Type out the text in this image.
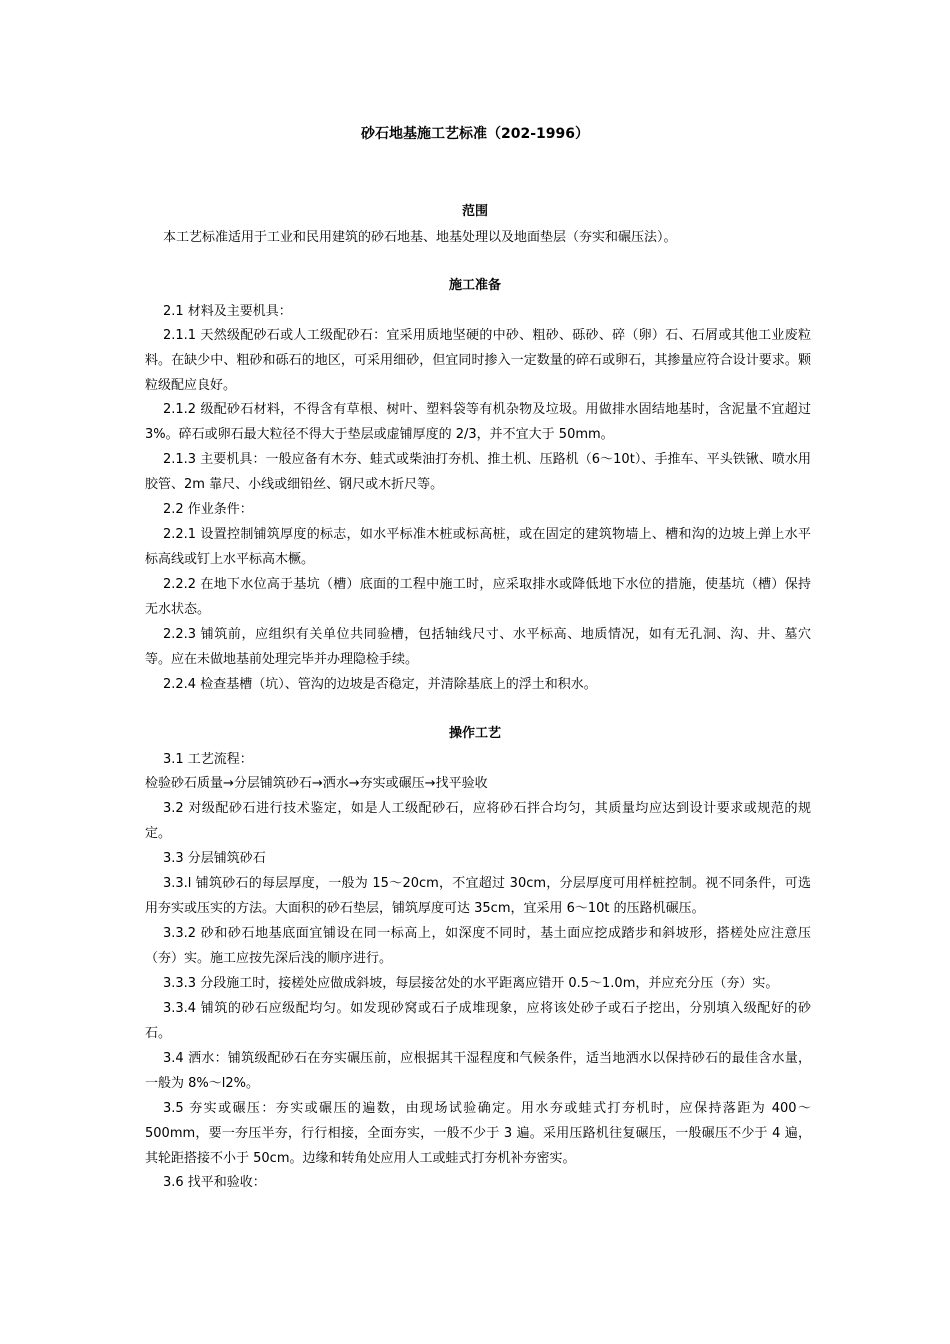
砂石地基施工艺标准（202-1996）
范围

本工艺标准适用于工业和民用建筑的砂石地基、地基处理以及地面垫层（夯实和碾压法）。

施工准备

2.1 材料及主要机具：

2.1.1 天然级配砂石或人工级配砂石：宜采用质地坚硬的中砂、粗砂、砾砂、碎（卵）石、石屑或其他工业废粒料。在缺少中、粗砂和砾石的地区，可采用细砂，但宜同时掺入一定数量的碎石或卵石，其掺量应符合设计要求。颗粒级配应良好。

2.1.2 级配砂石材料，不得含有草根、树叶、塑料袋等有机杂物及垃圾。用做排水固结地基时，含泥量不宜超过 3%。碎石或卵石最大粒径不得大于垫层或虚铺厚度的 2/3，并不宜大于 50mm。

2.1.3 主要机具：一般应备有木夯、蛙式或柴油打夯机、推土机、压路机（6～10t）、手推车、平头铁锹、喷水用胶管、2m 靠尺、小线或细铅丝、钢尺或木折尺等。

2.2 作业条件：

2.2.1 设置控制铺筑厚度的标志，如水平标准木桩或标高桩，或在固定的建筑物墙上、槽和沟的边坡上弹上水平标高线或钉上水平标高木橛。

2.2.2 在地下水位高于基坑（槽）底面的工程中施工时，应采取排水或降低地下水位的措施，使基坑（槽）保持无水状态。

2.2.3 铺筑前，应组织有关单位共同验槽，包括轴线尺寸、水平标高、地质情况，如有无孔洞、沟、井、墓穴等。应在未做地基前处理完毕并办理隐检手续。

2.2.4 检查基槽（坑）、管沟的边坡是否稳定，并清除基底上的浮土和积水。

操作工艺

3.1 工艺流程：

检验砂石质量→分层铺筑砂石→洒水→夯实或碾压→找平验收

3.2 对级配砂石进行技术鉴定，如是人工级配砂石，应将砂石拌合均匀，其质量均应达到设计要求或规范的规定。

3.3 分层铺筑砂石

3.3.l 铺筑砂石的每层厚度，一般为 15～20cm，不宜超过 30cm，分层厚度可用样桩控制。视不同条件，可选用夯实或压实的方法。大面积的砂石垫层，铺筑厚度可达 35cm，宜采用 6～10t 的压路机碾压。

3.3.2 砂和砂石地基底面宜铺设在同一标高上，如深度不同时，基土面应挖成踏步和斜坡形，搭槎处应注意压（夯）实。施工应按先深后浅的顺序进行。

3.3.3 分段施工时，接槎处应做成斜坡，每层接岔处的水平距离应错开 0.5～1.0m，并应充分压（夯）实。

3.3.4 铺筑的砂石应级配均匀。如发现砂窝或石子成堆现象，应将该处砂子或石子挖出，分别填入级配好的砂石。

3.4 洒水：铺筑级配砂石在夯实碾压前，应根据其干湿程度和气候条件，适当地洒水以保持砂石的最佳含水量，一般为 8%～l2%。

3.5 夯实或碾压：夯实或碾压的遍数，由现场试验确定。用水夯或蛙式打夯机时，应保持落距为 400～500mm，要一夯压半夯，行行相接，全面夯实，一般不少于 3 遍。采用压路机往复碾压，一般碾压不少于 4 遍，其轮距搭接不小于 50cm。边缘和转角处应用人工或蛙式打夯机补夯密实。

3.6 找平和验收：
